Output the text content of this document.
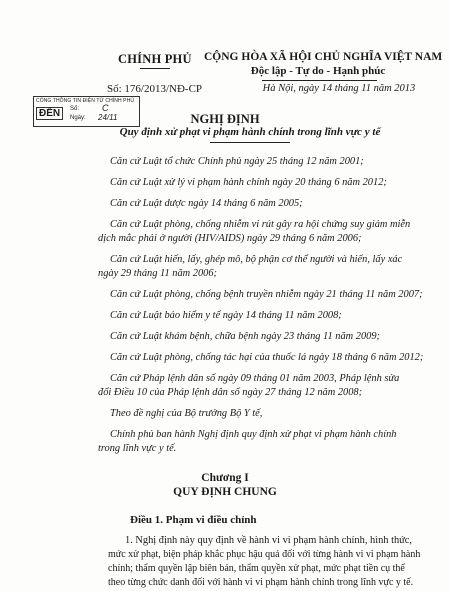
CHÍNH PHỦ CỘNG HÒA XÃ HỘI CHỦ NGHĨA VIỆT NAM
Độc lập - Tự do - Hạnh phúc
Số: 176/2013/NĐ-CP	Hà Nội, ngày 14 tháng 11 năm 2013
CỔNG THÔNG TIN ĐIỆN TỬ CHÍNH PHỦ
ĐẾN	Số:	C
Ngày: 24/11	NGHỊ ĐỊNH
Quy định xử phạt vi phạm hành chính trong lĩnh vực y tế
Căn cứ Luật tổ chức Chính phủ ngày 25 tháng 12 năm 2001;
Căn cứ Luật xử lý vi phạm hành chính ngày 20 tháng 6 năm 2012;
Căn cứ Luật dược ngày 14 tháng 6 năm 2005;
Căn cứ Luật phòng, chống nhiễm vi rút gây ra hội chứng suy giảm miễn
dịch mắc phải ở người (HIV/AIDS) ngày 29 tháng 6 năm 2006;
Căn cứ Luật hiến, lấy, ghép mô, bộ phận cơ thể người và hiến, lấy xác
ngày 29 tháng 11 năm 2006;
Căn cứ Luật phòng, chống bệnh truyền nhiễm ngày 21 tháng 11 năm 2007;
Căn cứ Luật bảo hiểm y tế ngày 14 tháng 11 năm 2008;
Căn cứ Luật khám bệnh, chữa bệnh ngày 23 tháng 11 năm 2009;
Căn cứ Luật phòng, chống tác hại của thuốc lá ngày 18 tháng 6 năm 2012;
Căn cứ Pháp lệnh dân số ngày 09 tháng 01 năm 2003, Pháp lệnh sửa
đổi Điều 10 của Pháp lệnh dân số ngày 27 tháng 12 năm 2008;
Theo đề nghị của Bộ trưởng Bộ Y tế,
Chính phủ ban hành Nghị định quy định xử phạt vi phạm hành chính
trong lĩnh vực y tế.
Chương I
QUY ĐỊNH CHUNG
Điều 1. Phạm vi điều chỉnh
1. Nghị định này quy định về hành vi vi phạm hành chính, hình thức,
mức xử phạt, biện pháp khắc phục hậu quả đối với từng hành vi vi phạm hành
chính; thẩm quyền lập biên bản, thẩm quyền xử phạt, mức phạt tiền cụ thể
theo từng chức danh đối với hành vi vi phạm hành chính trong lĩnh vực y tế.
